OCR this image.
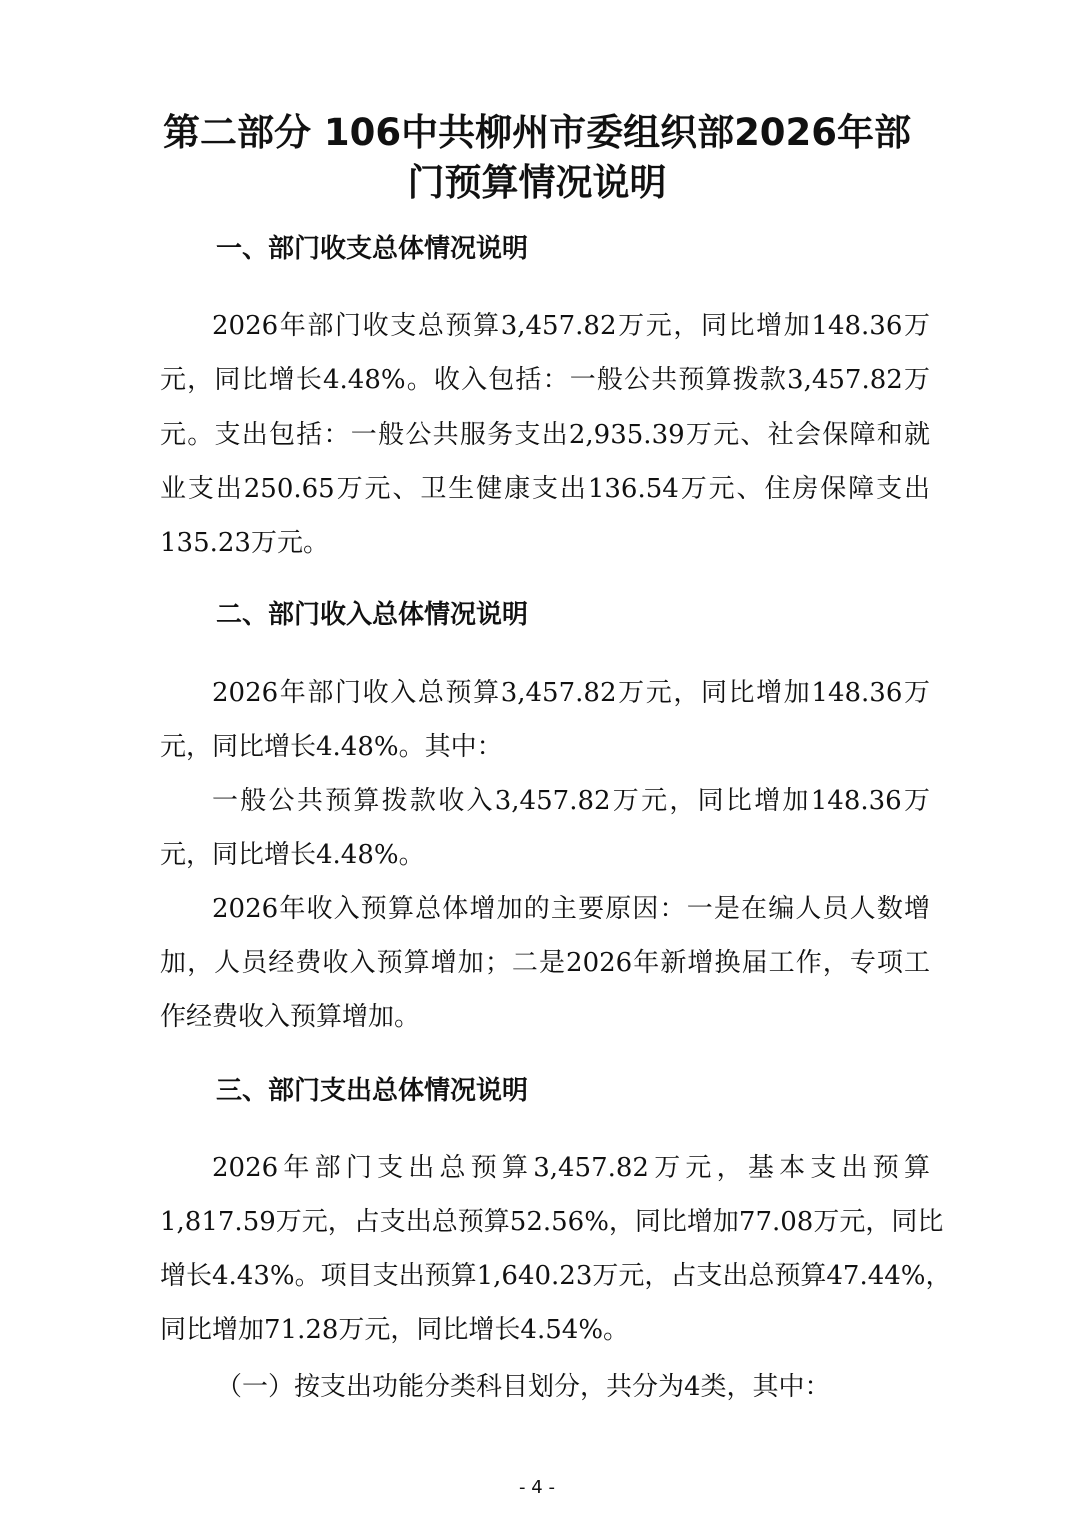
第二部分 106中共柳州市委组织部2026年部
门预算情况说明
一、部门收支总体情况说明

2026年部门收支总预算3,457.82万元，同比增加148.36万

元，同比增长4.48%。收入包括：一般公共预算拨款3,457.82万

元。支出包括：一般公共服务支出2,935.39万元、社会保障和就

业支出250.65万元、卫生健康支出136.54万元、住房保障支出

135.23万元。

二、部门收入总体情况说明

2026年部门收入总预算3,457.82万元，同比增加148.36万

元，同比增长4.48%。其中：

一般公共预算拨款收入3,457.82万元，同比增加148.36万

元，同比增长4.48%。

2026年收入预算总体增加的主要原因：一是在编人员人数增

加，人员经费收入预算增加；二是2026年新增换届工作，专项工

作经费收入预算增加。

三、部门支出总体情况说明

2026年部门支出总预算3,457.82万元，基本支出预算

1,817.59万元，占支出总预算52.56%，同比增加77.08万元，同比

增长4.43%。项目支出预算1,640.23万元，占支出总预算47.44%，

同比增加71.28万元，同比增长4.54%。

（一）按支出功能分类科目划分，共分为4类，其中：

- 4 -
